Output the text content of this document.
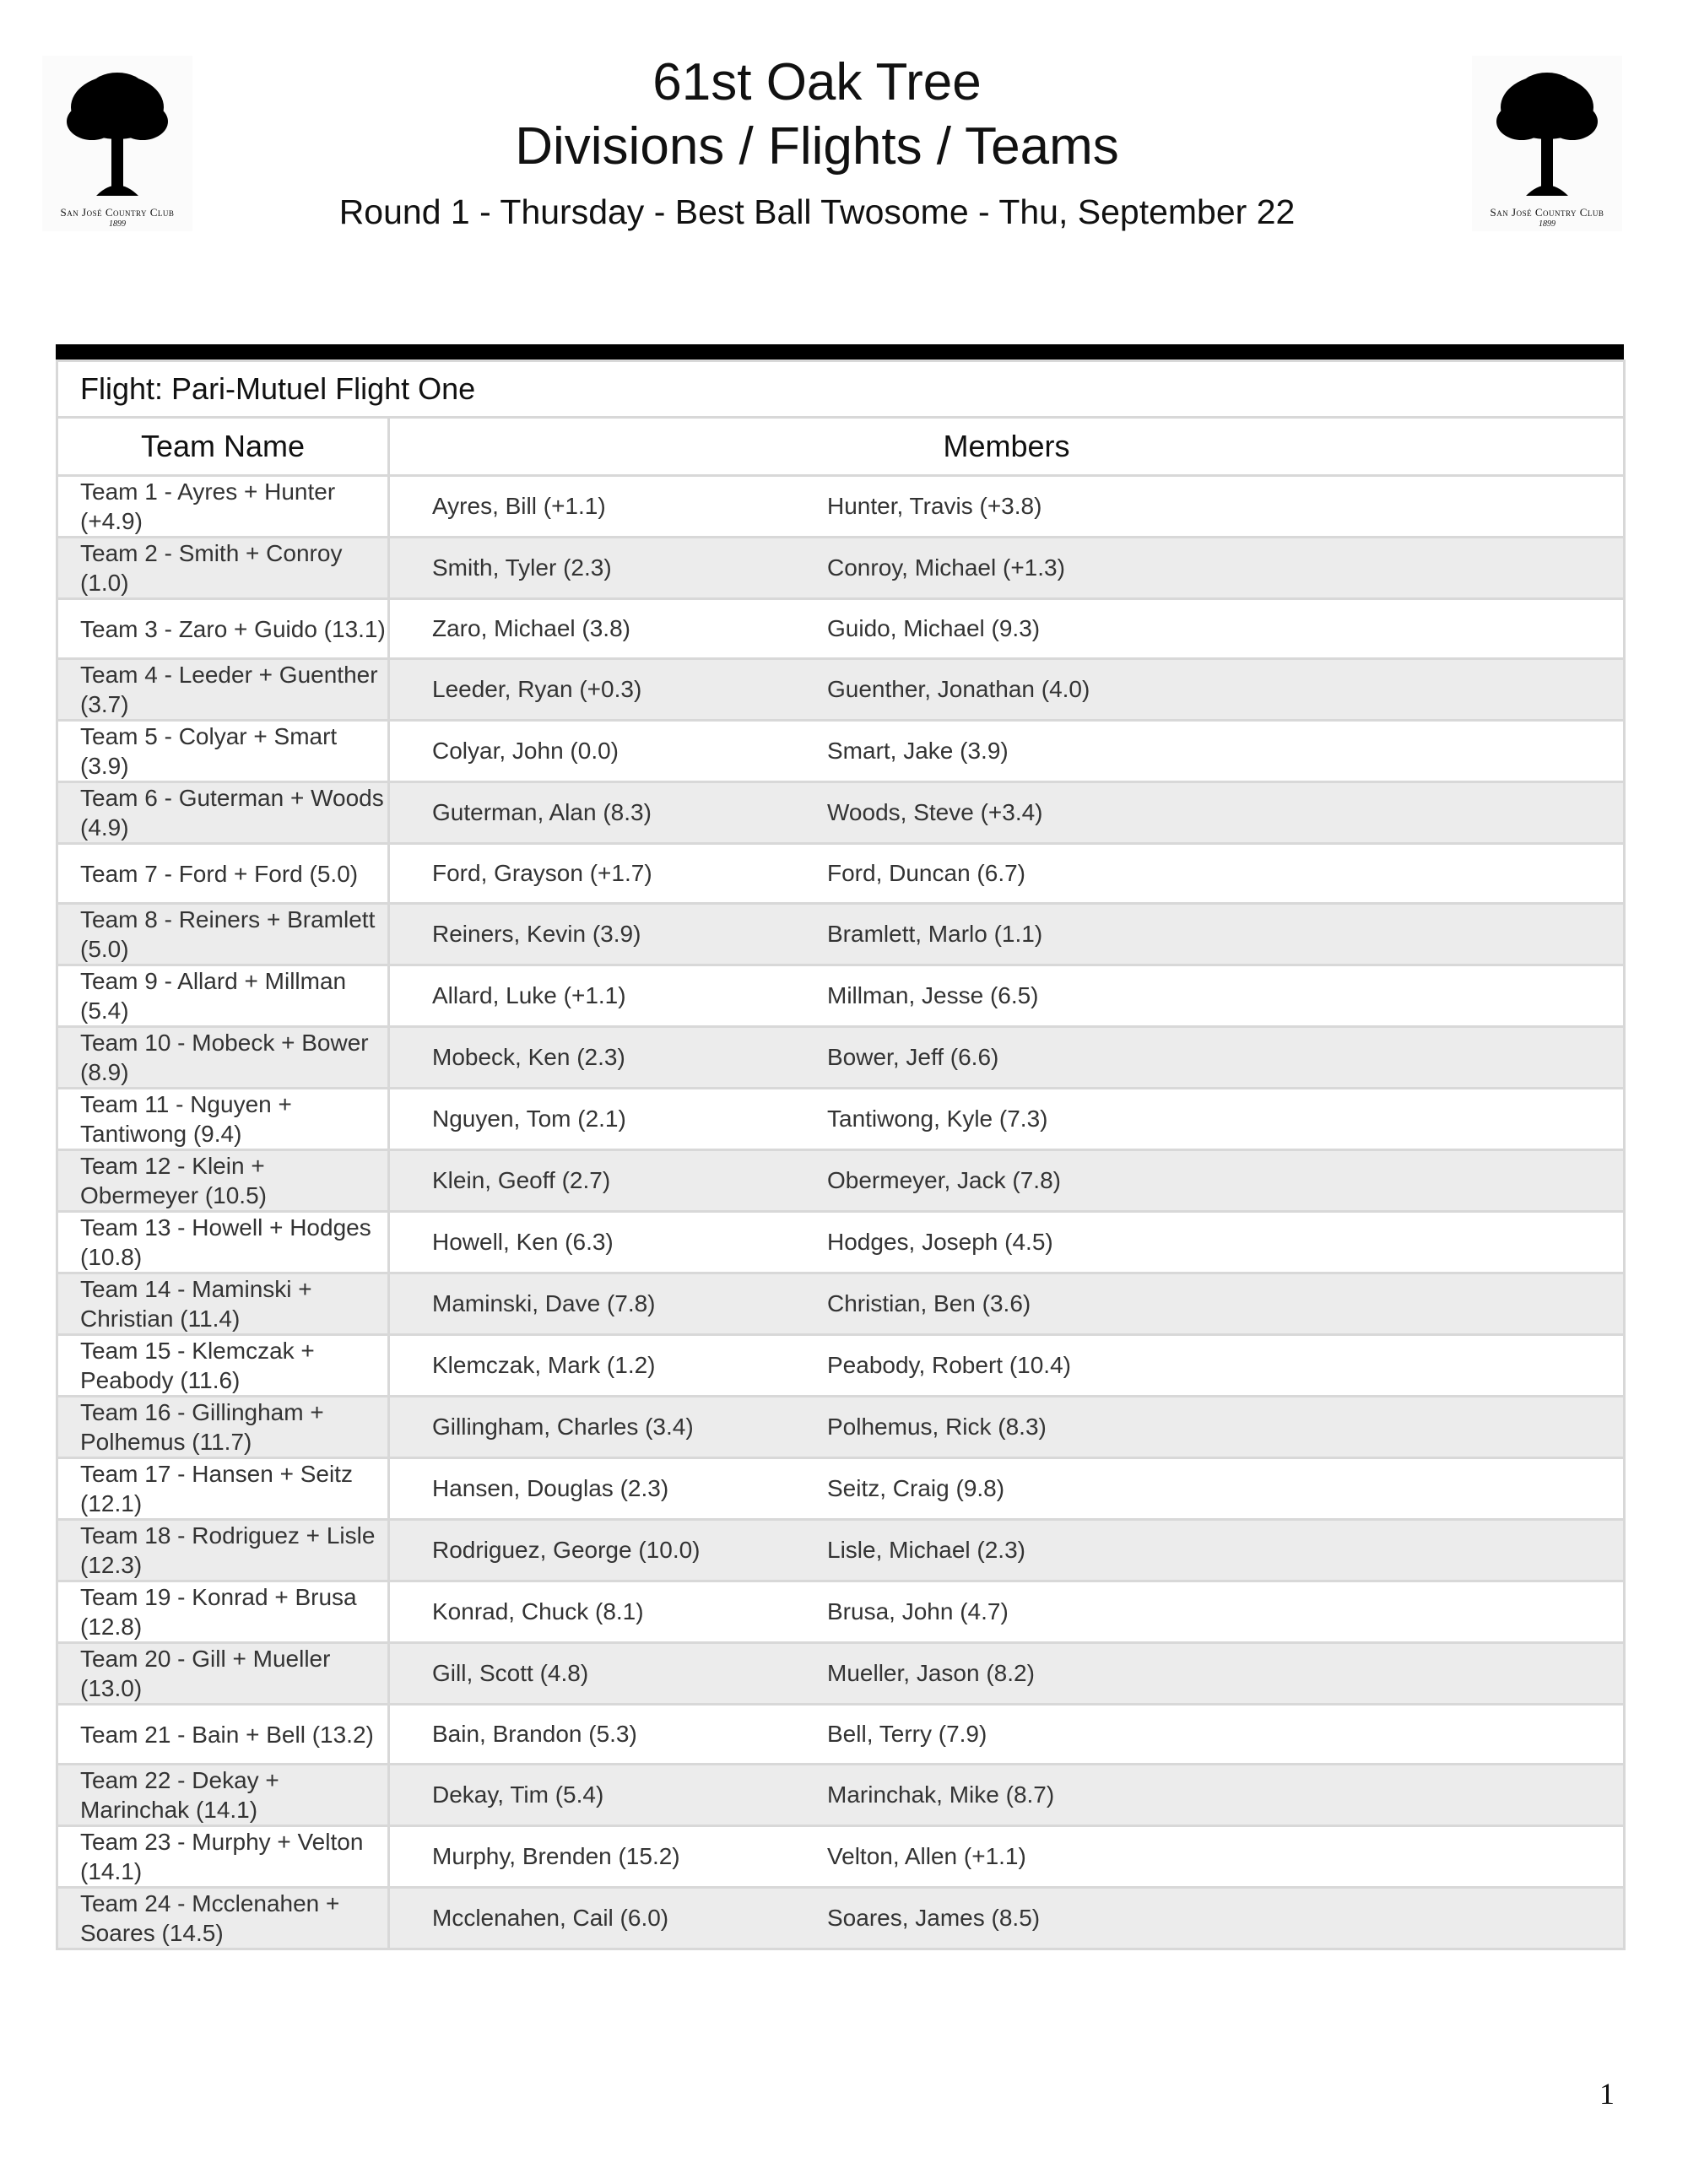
San José Country Club
1899
San José Country Club
1899
61st Oak Tree
Divisions / Flights / Teams
Round 1 - Thursday - Best Ball Twosome - Thu, September 22
Flight: Pari-Mutuel Flight One	
Team Name	Members
Team 1 - Ayres + Hunter (+4.9)	Ayres, Bill (+1.1) Hunter, Travis (+3.8)
Team 2 - Smith + Conroy (1.0)	Smith, Tyler (2.3) Conroy, Michael (+1.3)
Team 3 - Zaro + Guido (13.1)	Zaro, Michael (3.8) Guido, Michael (9.3)
Team 4 - Leeder + Guenther (3.7)	Leeder, Ryan (+0.3) Guenther, Jonathan (4.0)
Team 5 - Colyar + Smart (3.9)	Colyar, John (0.0) Smart, Jake (3.9)
Team 6 - Guterman + Woods (4.9)	Guterman, Alan (8.3) Woods, Steve (+3.4)
Team 7 - Ford + Ford (5.0)	Ford, Grayson (+1.7) Ford, Duncan (6.7)
Team 8 - Reiners + Bramlett (5.0)	Reiners, Kevin (3.9) Bramlett, Marlo (1.1)
Team 9 - Allard + Millman (5.4)	Allard, Luke (+1.1) Millman, Jesse (6.5)
Team 10 - Mobeck + Bower (8.9)	Mobeck, Ken (2.3) Bower, Jeff (6.6)
Team 11 - Nguyen + Tantiwong (9.4)	Nguyen, Tom (2.1) Tantiwong, Kyle (7.3)
Team 12 - Klein + Obermeyer (10.5)	Klein, Geoff (2.7) Obermeyer, Jack (7.8)
Team 13 - Howell + Hodges (10.8)	Howell, Ken (6.3) Hodges, Joseph (4.5)
Team 14 - Maminski + Christian (11.4)	Maminski, Dave (7.8) Christian, Ben (3.6)
Team 15 - Klemczak + Peabody (11.6)	Klemczak, Mark (1.2) Peabody, Robert (10.4)
Team 16 - Gillingham + Polhemus (11.7)	Gillingham, Charles (3.4) Polhemus, Rick (8.3)
Team 17 - Hansen + Seitz (12.1)	Hansen, Douglas (2.3) Seitz, Craig (9.8)
Team 18 - Rodriguez + Lisle (12.3)	Rodriguez, George (10.0) Lisle, Michael (2.3)
Team 19 - Konrad + Brusa (12.8)	Konrad, Chuck (8.1) Brusa, John (4.7)
Team 20 - Gill + Mueller (13.0)	Gill, Scott (4.8) Mueller, Jason (8.2)
Team 21 - Bain + Bell (13.2)	Bain, Brandon (5.3) Bell, Terry (7.9)
Team 22 - Dekay + Marinchak (14.1)	Dekay, Tim (5.4) Marinchak, Mike (8.7)
Team 23 - Murphy + Velton (14.1)	Murphy, Brenden (15.2) Velton, Allen (+1.1)
Team 24 - Mcclenahen + Soares (14.5)	Mcclenahen, Cail (6.0) Soares, James (8.5)
1
